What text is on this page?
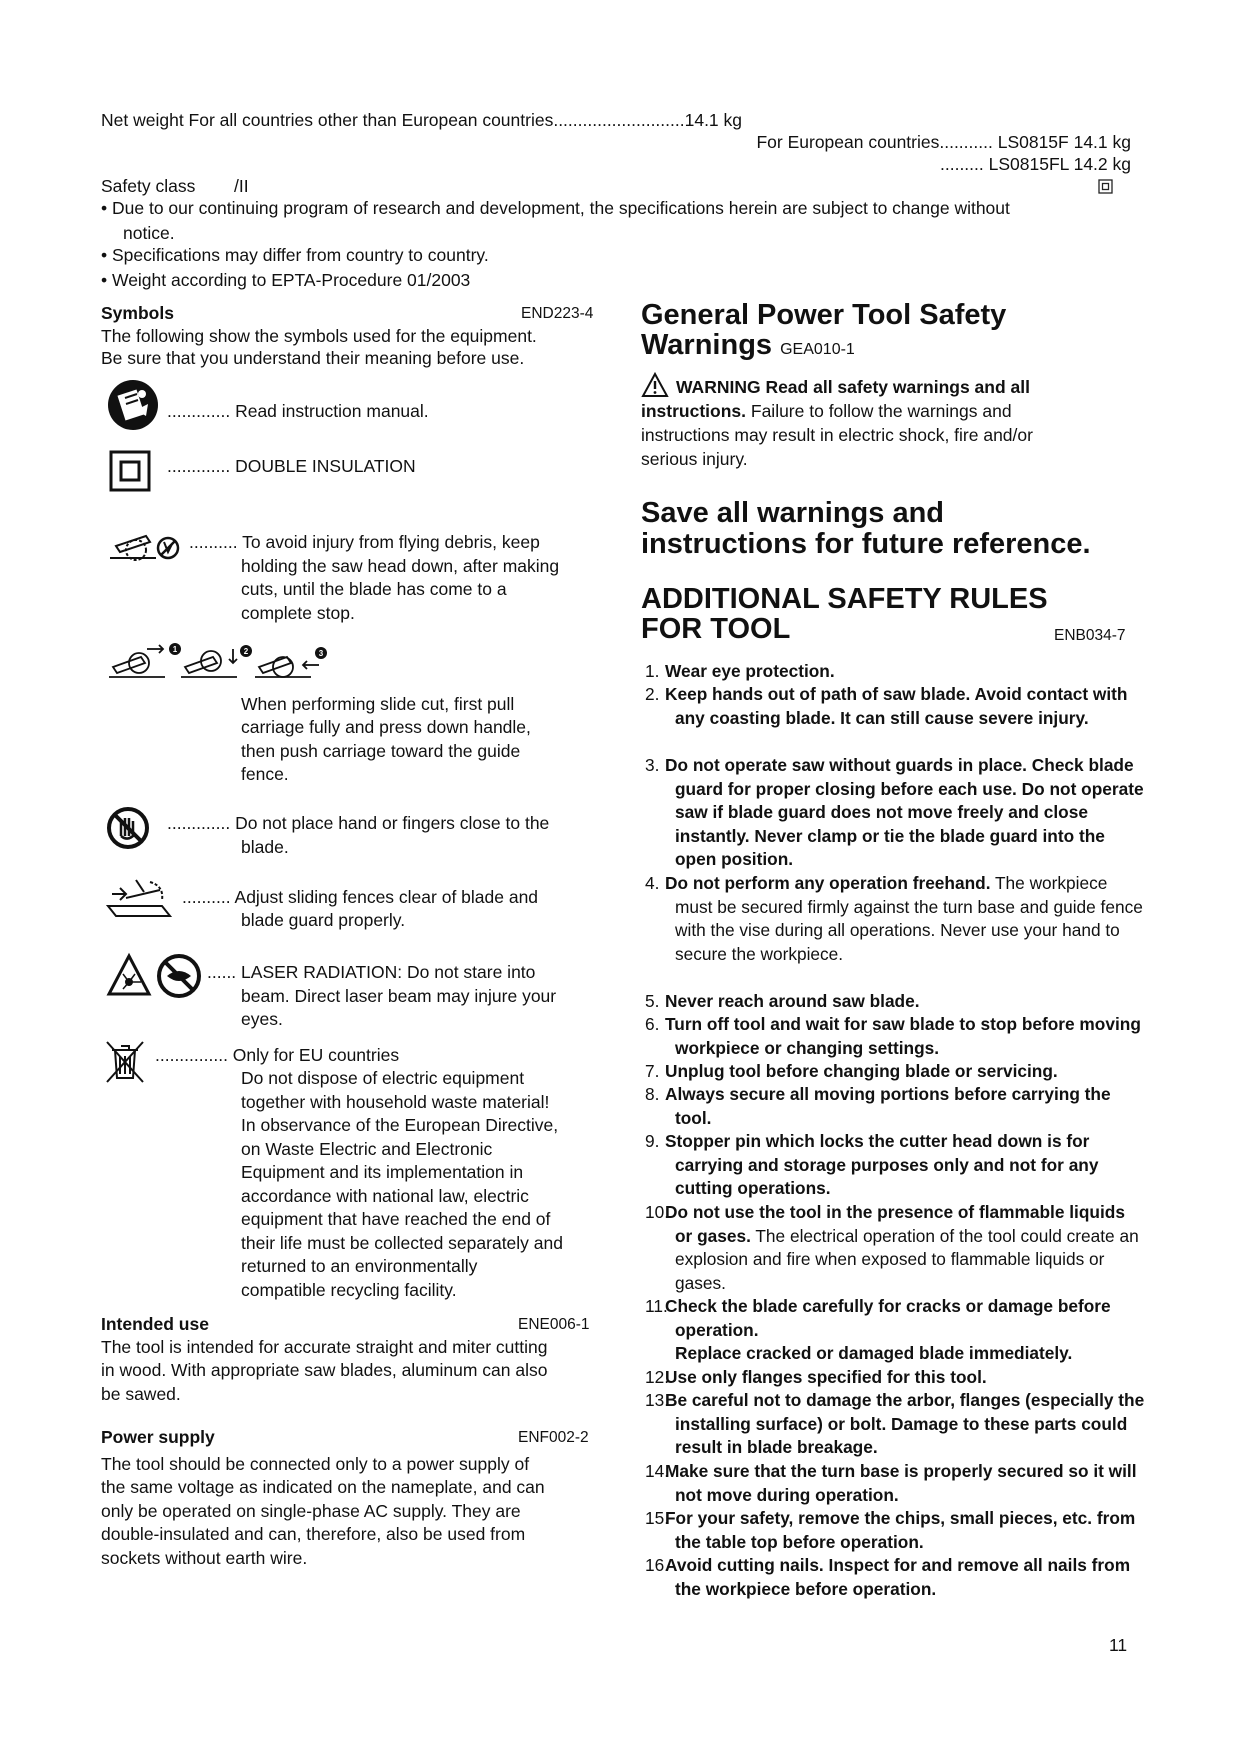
Net weight For all countries other than European countries...........................14.1 kg
For European countries........... LS0815F 14.1 kg
......... LS0815FL 14.2 kg
Safety class /II
• Due to our continuing program of research and development, the specifications herein are subject to change without
notice.
• Specifications may differ from country to country.
• Weight according to EPTA-Procedure 01/2003
Symbols	END223-4
The following show the symbols used for the equipment.
Be sure that you understand their meaning before use.
............. Read instruction manual.
............. DOUBLE INSULATION
.......... To avoid injury from flying debris, keep
holding the saw head down, after making
cuts, until the blade has come to a
complete stop.
1	2	3
When performing slide cut, first pull
carriage fully and press down handle,
then push carriage toward the guide
fence.
............. Do not place hand or fingers close to the
blade.
.......... Adjust sliding fences clear of blade and
blade guard properly.
...... LASER RADIATION: Do not stare into
beam. Direct laser beam may injure your
eyes.
............... Only for EU countries
Do not dispose of electric equipment
together with household waste material!
In observance of the European Directive,
on Waste Electric and Electronic
Equipment and its implementation in
accordance with national law, electric
equipment that have reached the end of
their life must be collected separately and
returned to an environmentally
compatible recycling facility.
Intended use	ENE006-1
The tool is intended for accurate straight and miter cutting
in wood. With appropriate saw blades, aluminum can also
be sawed.
Power supply	ENF002-2
The tool should be connected only to a power supply of
the same voltage as indicated on the nameplate, and can
only be operated on single-phase AC supply. They are
double-insulated and can, therefore, also be used from
sockets without earth wire.
General Power Tool Safety
Warnings GEA010-1
WARNING Read all safety warnings and all
instructions. Failure to follow the warnings and
instructions may result in electric shock, fire and/or
serious injury.
Save all warnings and
instructions for future reference.
ADDITIONAL SAFETY RULES
FOR TOOL	ENB034-7
1. Wear eye protection.
2. Keep hands out of path of saw blade. Avoid contact with any coasting blade. It can still cause severe injury.
3. Do not operate saw without guards in place. Check blade guard for proper closing before each use. Do not operate saw if blade guard does not move freely and close instantly. Never clamp or tie the blade guard into the open position.
4. Do not perform any operation freehand. The workpiece must be secured firmly against the turn base and guide fence with the vise during all operations. Never use your hand to secure the workpiece.
5. Never reach around saw blade.
6. Turn off tool and wait for saw blade to stop before moving workpiece or changing settings.
7. Unplug tool before changing blade or servicing.
8. Always secure all moving portions before carrying the tool.
9. Stopper pin which locks the cutter head down is for carrying and storage purposes only and not for any cutting operations.
10.
Do not use the tool in the presence of flammable liquids or gases. The electrical operation of the tool could create an explosion and fire when exposed to flammable liquids or gases.
11.
Check the blade carefully for cracks or damage before operation.
Replace cracked or damaged blade immediately.
12.
Use only flanges specified for this tool.
13.
Be careful not to damage the arbor, flanges (especially the installing surface) or bolt. Damage to these parts could result in blade breakage.
14.
Make sure that the turn base is properly secured so it will not move during operation.
15.
For your safety, remove the chips, small pieces, etc. from the table top before operation.
16.
Avoid cutting nails. Inspect for and remove all nails from the workpiece before operation.
11
